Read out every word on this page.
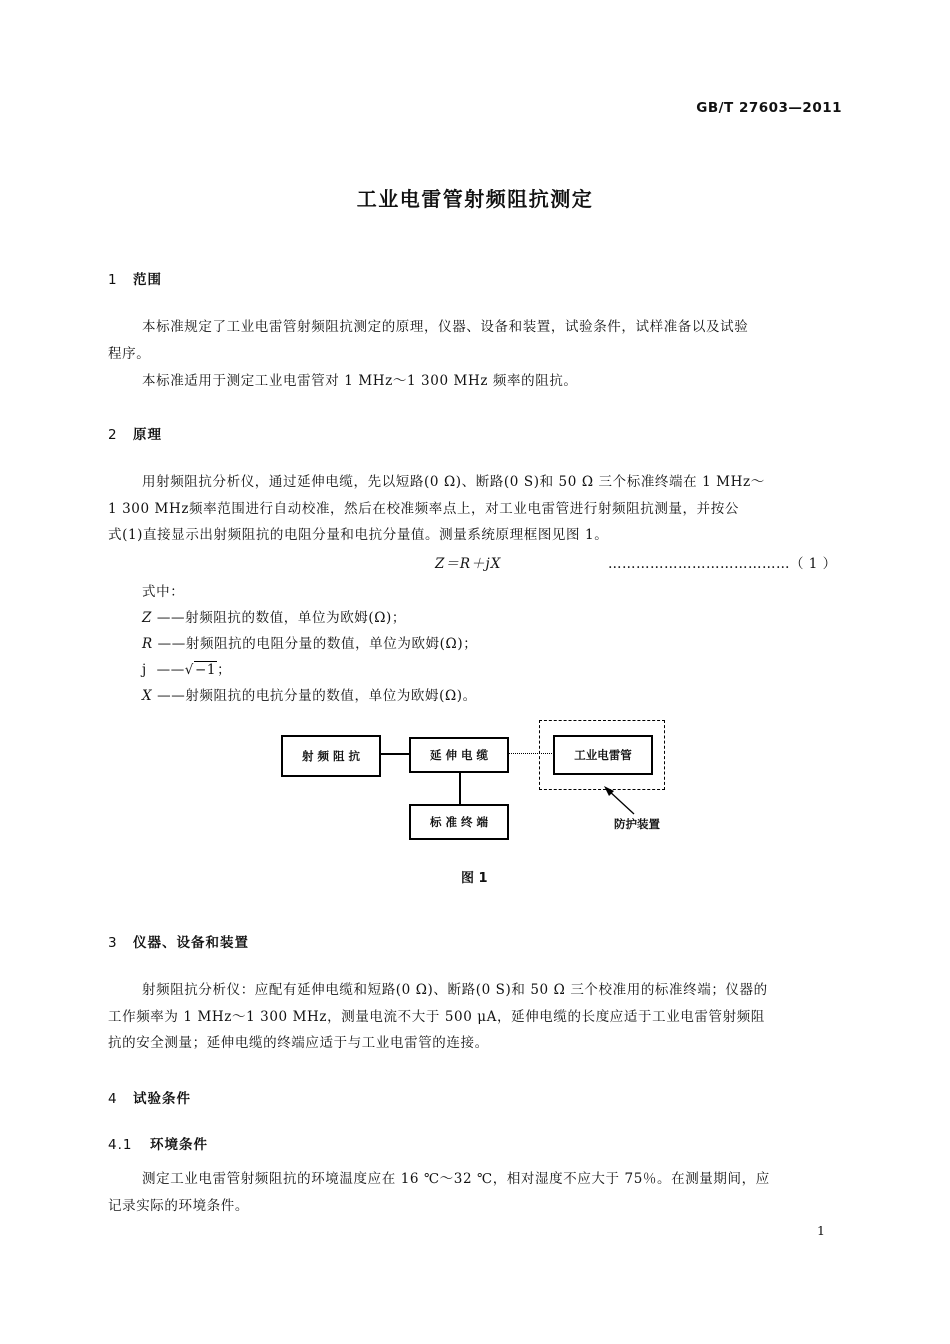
GB/T 27603—2011
工业电雷管射频阻抗测定
1 范围
本标准规定了工业电雷管射频阻抗测定的原理，仪器、设备和装置，试验条件，试样准备以及试验
程序。
本标准适用于测定工业电雷管对 1 MHz～1 300 MHz 频率的阻抗。
2 原理
用射频阻抗分析仪，通过延伸电缆，先以短路(0 Ω)、断路(0 S)和 50 Ω 三个标准终端在 1 MHz～
1 300 MHz频率范围进行自动校准，然后在校准频率点上，对工业电雷管进行射频阻抗测量，并按公
式(1)直接显示出射频阻抗的电阻分量和电抗分量值。测量系统原理框图见图 1。
Z＝R＋jX	…………………………………（ 1 ）
式中：
Z ——射频阻抗的数值，单位为欧姆(Ω)；
R ——射频阻抗的电阻分量的数值，单位为欧姆(Ω)；
j ——√−1；
X ——射频阻抗的电抗分量的数值，单位为欧姆(Ω)。
射 频 阻 抗	延 伸 电 缆	工业电雷管
标 准 终 端	防护装置
图 1
3 仪器、设备和装置
射频阻抗分析仪：应配有延伸电缆和短路(0 Ω)、断路(0 S)和 50 Ω 三个校准用的标准终端；仪器的
工作频率为 1 MHz～1 300 MHz，测量电流不大于 500 μA，延伸电缆的长度应适于工业电雷管射频阻
抗的安全测量；延伸电缆的终端应适于与工业电雷管的连接。
4 试验条件
4.1 环境条件
测定工业电雷管射频阻抗的环境温度应在 16 ℃～32 ℃，相对湿度不应大于 75％。在测量期间，应
记录实际的环境条件。
1
